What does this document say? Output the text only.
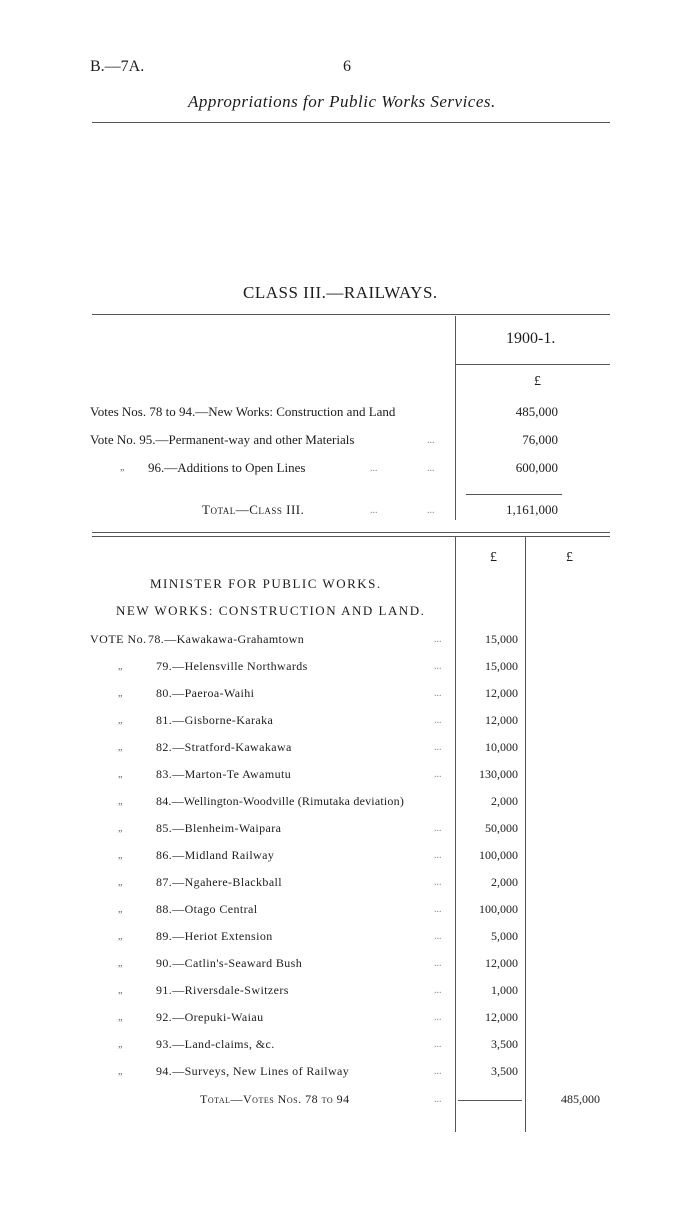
B.—7A.	6
Appropriations for Public Works Services.
CLASS III.—RAILWAYS.
1900-1.
£
Votes Nos. 78 to 94.—New Works: Construction and Land	485,000
Vote No. 95.—Permanent-way and other Materials	...	76,000
„ 96.—Additions to Open Lines	...	...	600,000
Total—Class III.	...	...	1,161,000
£	£
MINISTER FOR PUBLIC WORKS.
NEW WORKS: CONSTRUCTION AND LAND.
VOTE No. 78.—Kawakawa-Grahamtown	...	15,000
„	79.—Helensville Northwards	...	15,000
„	80.—Paeroa-Waihi	...	12,000
„	81.—Gisborne-Karaka	...	12,000
„	82.—Stratford-Kawakawa	...	10,000
„	83.—Marton-Te Awamutu	...	130,000
„	84.—Wellington-Woodville (Rimutaka deviation)	2,000
„	85.—Blenheim-Waipara	...	50,000
„	86.—Midland Railway	...	100,000
„	87.—Ngahere-Blackball	...	2,000
„	88.—Otago Central	...	100,000
„	89.—Heriot Extension	...	5,000
„	90.—Catlin's-Seaward Bush	...	12,000
„	91.—Riversdale-Switzers	...	1,000
„	92.—Orepuki-Waiau	...	12,000
„	93.—Land-claims, &c.	...	3,500
„	94.—Surveys, New Lines of Railway	...	3,500
Total—Votes Nos. 78 to 94	...	485,000
